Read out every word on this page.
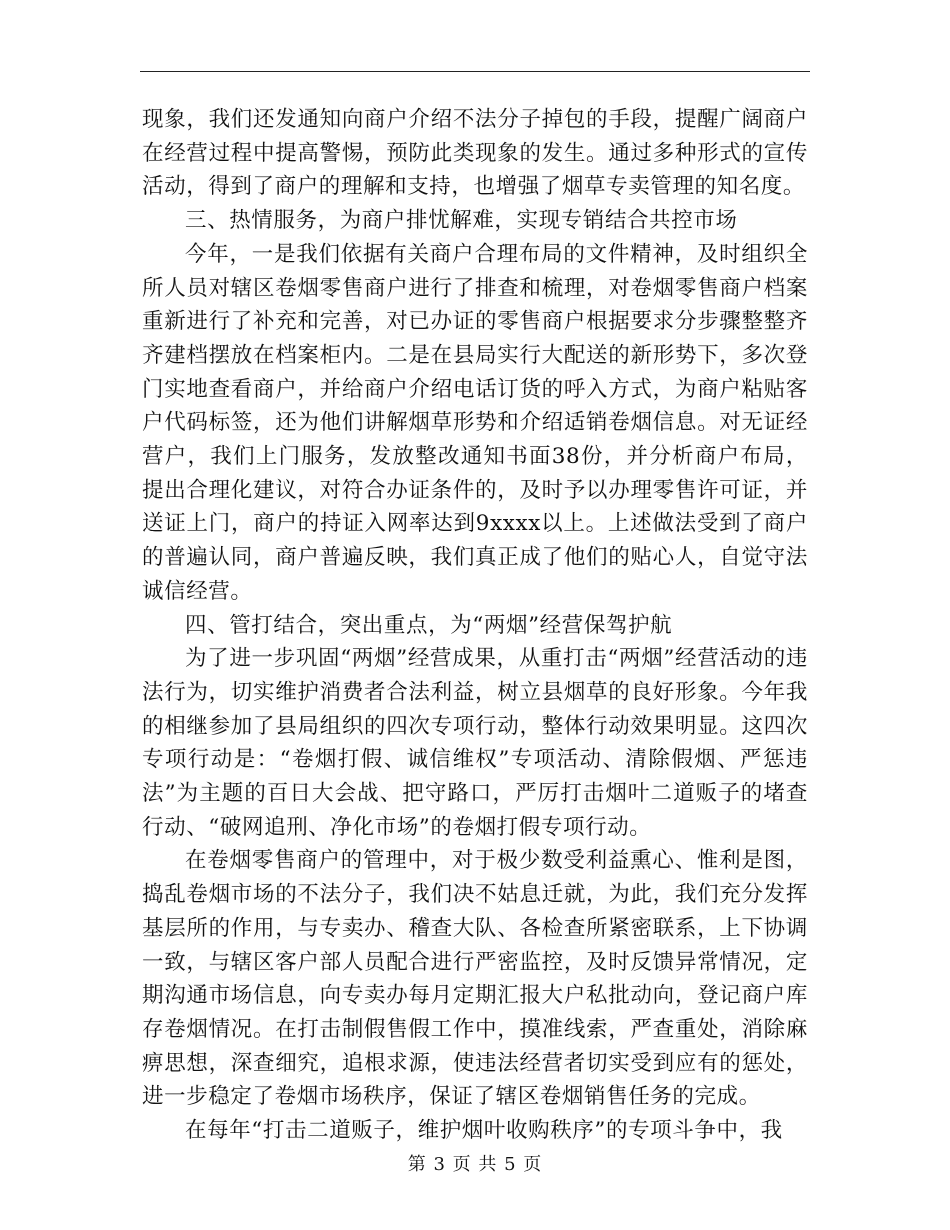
现象，我们还发通知向商户介绍不法分子掉包的手段，提醒广阔商户在经营过程中提高警惕，预防此类现象的发生。通过多种形式的宣传活动，得到了商户的理解和支持，也增强了烟草专卖管理的知名度。

三、热情服务，为商户排忧解难，实现专销结合共控市场

今年，一是我们依据有关商户合理布局的文件精神，及时组织全所人员对辖区卷烟零售商户进行了排查和梳理，对卷烟零售商户档案重新进行了补充和完善，对已办证的零售商户根据要求分步骤整整齐齐建档摆放在档案柜内。二是在县局实行大配送的新形势下，多次登门实地查看商户，并给商户介绍电话订货的呼入方式，为商户粘贴客户代码标签，还为他们讲解烟草形势和介绍适销卷烟信息。对无证经营户，我们上门服务，发放整改通知书面38份，并分析商户布局，提出合理化建议，对符合办证条件的，及时予以办理零售许可证，并送证上门，商户的持证入网率达到9xxxx以上。上述做法受到了商户的普遍认同，商户普遍反映，我们真正成了他们的贴心人，自觉守法诚信经营。

四、管打结合，突出重点，为“两烟”经营保驾护航

为了进一步巩固“两烟”经营成果，从重打击“两烟”经营活动的违法行为，切实维护消费者合法利益，树立县烟草的良好形象。今年我的相继参加了县局组织的四次专项行动，整体行动效果明显。这四次专项行动是：“卷烟打假、诚信维权”专项活动、清除假烟、严惩违法”为主题的百日大会战、把守路口，严厉打击烟叶二道贩子的堵查行动、“破网追刑、净化市场”的卷烟打假专项行动。

在卷烟零售商户的管理中，对于极少数受利益熏心、惟利是图，捣乱卷烟市场的不法分子，我们决不姑息迁就，为此，我们充分发挥基层所的作用，与专卖办、稽查大队、各检查所紧密联系，上下协调一致，与辖区客户部人员配合进行严密监控，及时反馈异常情况，定期沟通市场信息，向专卖办每月定期汇报大户私批动向，登记商户库存卷烟情况。在打击制假售假工作中，摸准线索，严查重处，消除麻痹思想，深查细究，追根求源，使违法经营者切实受到应有的惩处，进一步稳定了卷烟市场秩序，保证了辖区卷烟销售任务的完成。

在每年“打击二道贩子，维护烟叶收购秩序”的专项斗争中，我

第 3 页 共 5 页
